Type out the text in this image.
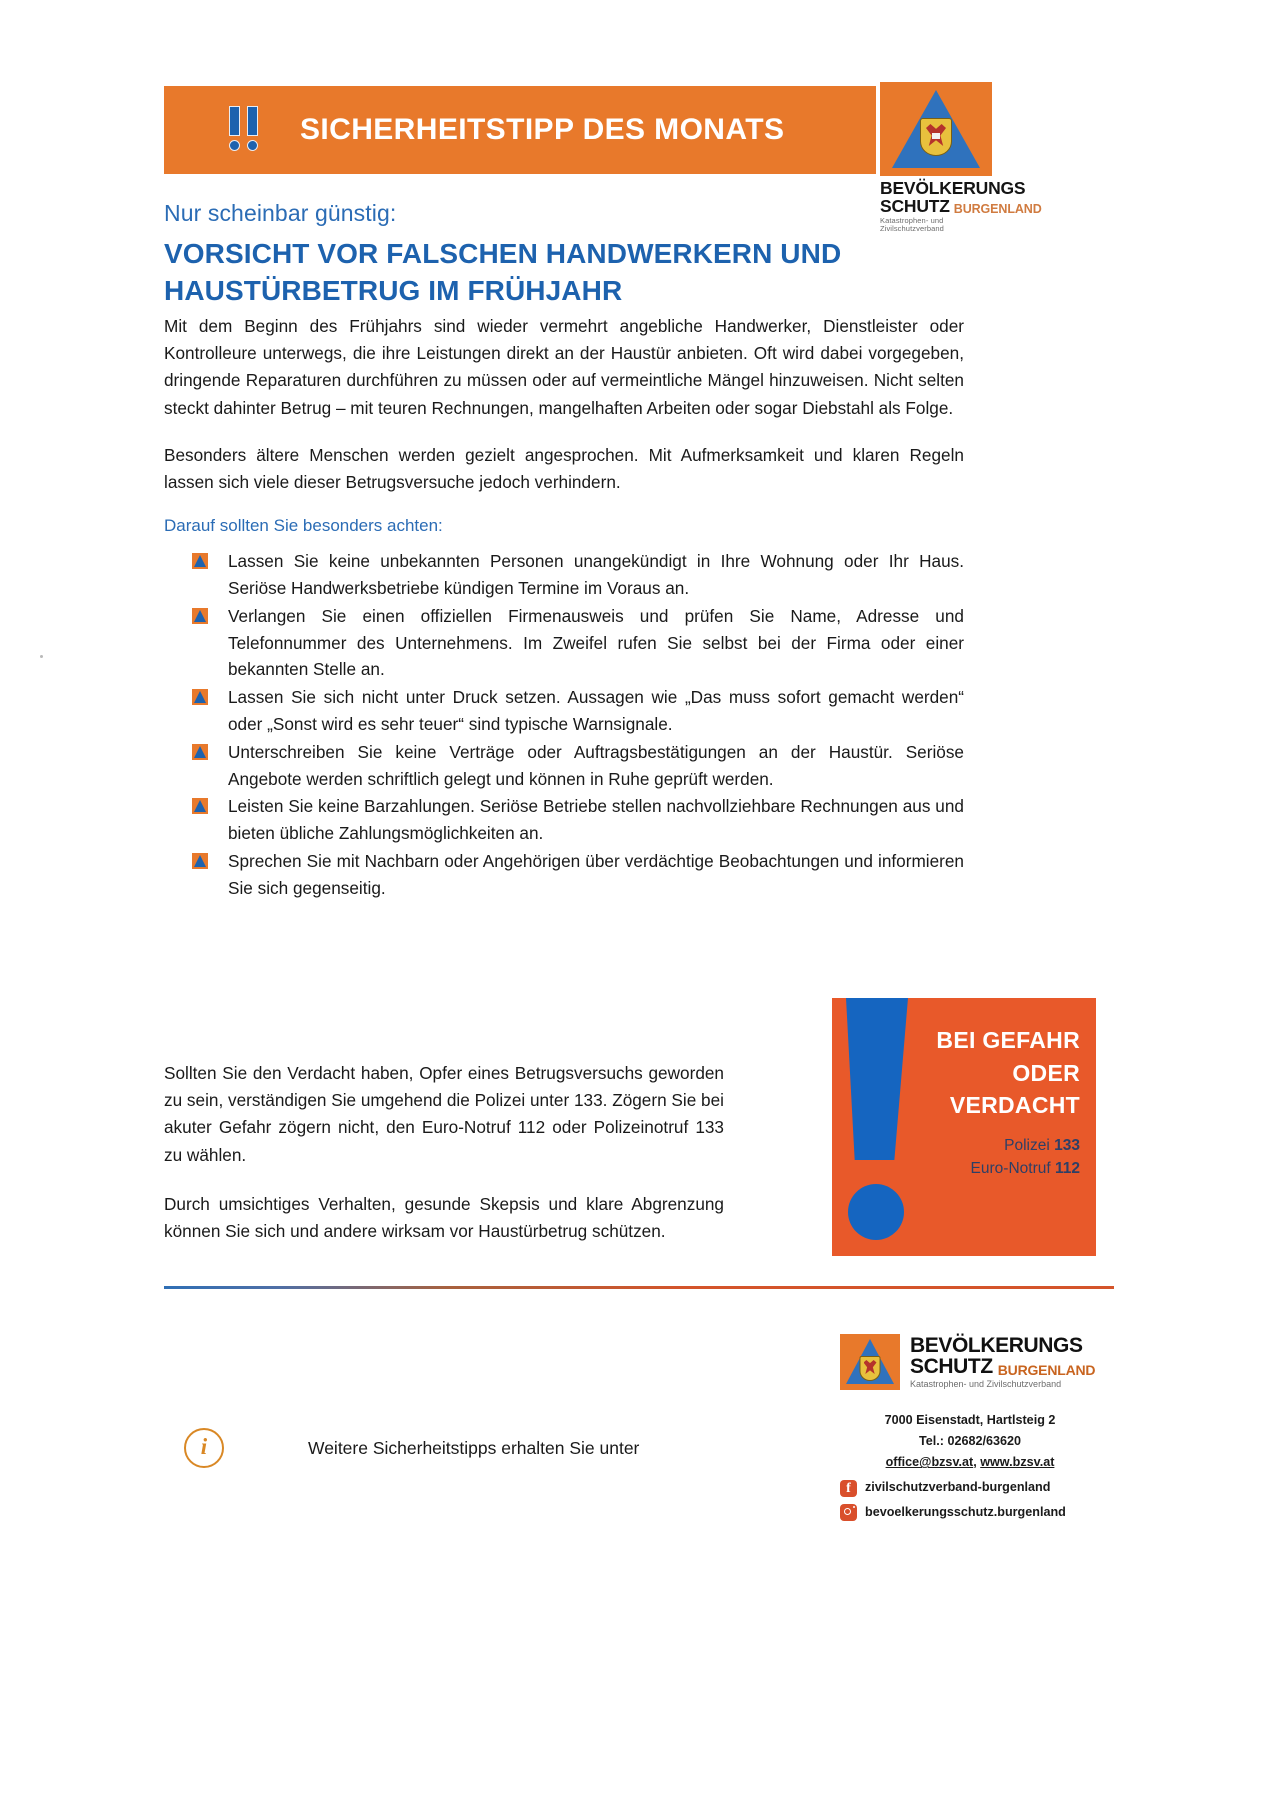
SICHERHEITSTIPP DES MONATS
BEVÖLKERUNGS
SCHUTZ BURGENLAND
Katastrophen- und Zivilschutzverband
Nur scheinbar günstig:
VORSICHT VOR FALSCHEN HANDWERKERN UND
HAUSTÜRBETRUG IM FRÜHJAHR

Mit dem Beginn des Frühjahrs sind wieder vermehrt angebliche Handwerker, Dienstleister oder Kontrolleure unterwegs, die ihre Leistungen direkt an der Haustür anbieten. Oft wird dabei vorgegeben, dringende Reparaturen durchführen zu müssen oder auf vermeintliche Mängel hinzuweisen. Nicht selten steckt dahinter Betrug – mit teuren Rechnungen, mangelhaften Arbeiten oder sogar Diebstahl als Folge.

Besonders ältere Menschen werden gezielt angesprochen. Mit Aufmerksamkeit und klaren Regeln lassen sich viele dieser Betrugsversuche jedoch verhindern.

Darauf sollten Sie besonders achten:
Lassen Sie keine unbekannten Personen unangekündigt in Ihre Wohnung oder Ihr Haus. Seriöse Handwerksbetriebe kündigen Termine im Voraus an.
Verlangen Sie einen offiziellen Firmenausweis und prüfen Sie Name, Adresse und Telefonnummer des Unternehmens. Im Zweifel rufen Sie selbst bei der Firma oder einer bekannten Stelle an.
Lassen Sie sich nicht unter Druck setzen. Aussagen wie „Das muss sofort gemacht werden“ oder „Sonst wird es sehr teuer“ sind typische Warnsignale.
Unterschreiben Sie keine Verträge oder Auftragsbestätigungen an der Haustür. Seriöse Angebote werden schriftlich gelegt und können in Ruhe geprüft werden.
Leisten Sie keine Barzahlungen. Seriöse Betriebe stellen nachvollziehbare Rechnungen aus und bieten übliche Zahlungsmöglichkeiten an.
Sprechen Sie mit Nachbarn oder Angehörigen über verdächtige Beobachtungen und informieren Sie sich gegenseitig.
BEI GEFAHR
ODER
VERDACHT
Polizei 133
Euro-Notruf 112

Sollten Sie den Verdacht haben, Opfer eines Betrugsversuchs geworden zu sein, verständigen Sie umgehend die Polizei unter 133. Zögern Sie bei akuter Gefahr zögern nicht, den Euro-Notruf 112 oder Polizeinotruf 133 zu wählen.

Durch umsichtiges Verhalten, gesunde Skepsis und klare Abgrenzung können Sie sich und andere wirksam vor Haustürbetrug schützen.

BEVÖLKERUNGS
SCHUTZ BURGENLAND
Katastrophen- und Zivilschutzverband
7000 Eisenstadt, Hartlsteig 2
Tel.: 02682/63620
office@bzsv.at, www.bzsv.at
f	zivilschutzverband-burgenland
bevoelkerungsschutz.burgenland
i	Weitere Sicherheitstipps erhalten Sie unter
